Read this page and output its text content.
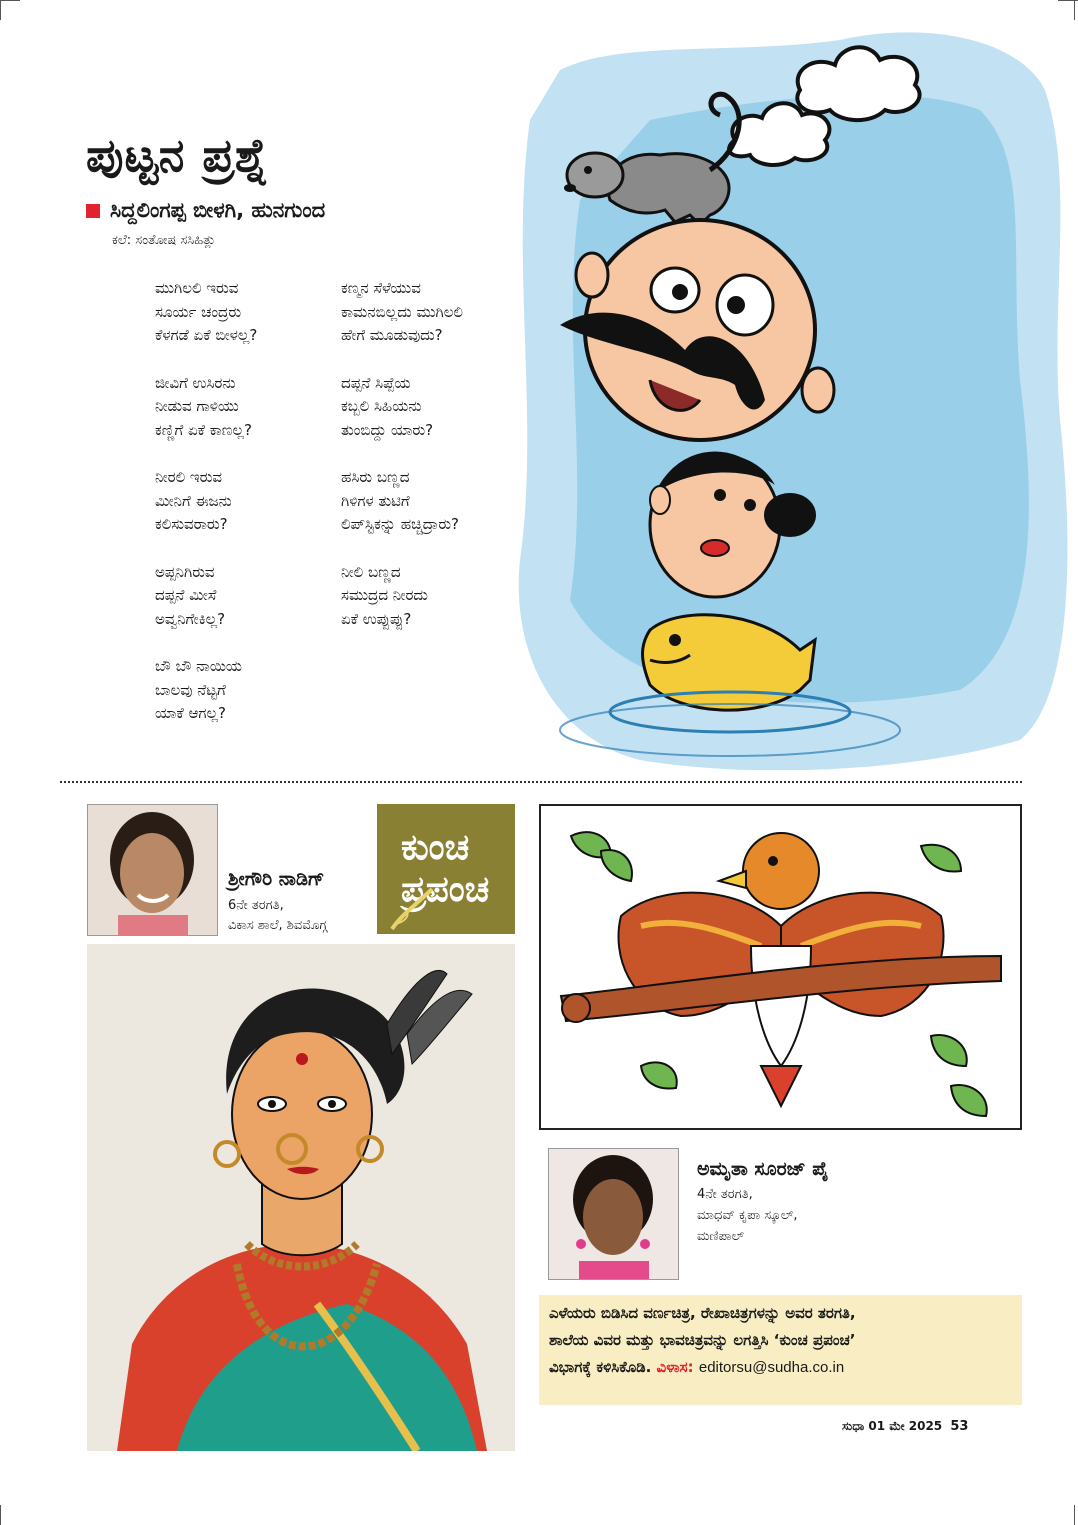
ಪುಟ್ಟನ ಪ್ರಶ್ನೆ
ಸಿದ್ದಲಿಂಗಪ್ಪ ಬೀಳಗಿ, ಹುನಗುಂದ
ಕಲೆ: ಸಂತೋಷ ಸಸಿಹಿತ್ಲು
ಮುಗಿಲಲಿ ಇರುವ
ಸೂರ್ಯ ಚಂದ್ರರು
ಕೆಳಗಡೆ ಏಕೆ ಬೀಳಲ್ಲ?
ಜೀವಿಗೆ ಉಸಿರನು
ನೀಡುವ ಗಾಳಿಯು
ಕಣ್ಣಿಗೆ ಏಕೆ ಕಾಣಲ್ಲ?
ನೀರಲಿ ಇರುವ
ಮೀನಿಗೆ ಈಜನು
ಕಲಿಸುವರಾರು?
ಅಪ್ಪನಿಗಿರುವ
ದಪ್ಪನೆ ಮೀಸೆ
ಅವ್ವನಿಗೇಕಿಲ್ಲ?
ಬೌ ಬೌ ನಾಯಿಯ
ಬಾಲವು ನೆಟ್ಟಗೆ
ಯಾಕೆ ಆಗಲ್ಲ?
ಕಣ್ಮನ ಸೆಳೆಯುವ
ಕಾಮನಬಿಲ್ಲದು ಮುಗಿಲಲಿ
ಹೇಗೆ ಮೂಡುವುದು?
ದಪ್ಪನೆ ಸಿಪ್ಪೆಯ
ಕಬ್ಬಲಿ ಸಿಹಿಯನು
ತುಂಬಿದ್ದು ಯಾರು?
ಹಸಿರು ಬಣ್ಣದ
ಗಿಳಿಗಳ ತುಟಿಗೆ
ಲಿಪ್‌ಸ್ಟಿಕನ್ನು ಹಚ್ಚಿದ್ರಾರು?
ನೀಲಿ ಬಣ್ಣದ
ಸಮುದ್ರದ ನೀರದು
ಏಕೆ ಉಪ್ಪುಪ್ಪು?
ಶ್ರೀಗೌರಿ ನಾಡಿಗ್
6ನೇ ತರಗತಿ,
ವಿಕಾಸ ಶಾಲೆ, ಶಿವಮೊಗ್ಗ
ಕುಂಚ
ಪ್ರಪಂಚ
ಅಮೃತಾ ಸೂರಜ್ ಪೈ
4ನೇ ತರಗತಿ,
ಮಾಧವ್ ಕೃಪಾ ಸ್ಕೂಲ್,
ಮಣಿಪಾಲ್
ಎಳೆಯರು ಬಿಡಿಸಿದ ವರ್ಣಚಿತ್ರ, ರೇಖಾಚಿತ್ರಗಳನ್ನು ಅವರ ತರಗತಿ,
ಶಾಲೆಯ ವಿವರ ಮತ್ತು ಭಾವಚಿತ್ರವನ್ನು ಲಗತ್ತಿಸಿ ‘ಕುಂಚ ಪ್ರಪಂಚ’
ವಿಭಾಗಕ್ಕೆ ಕಳಿಸಿಕೊಡಿ. ವಿಳಾಸ: editorsu@sudha.co.in
ಸುಧಾ 01 ಮೇ 2025 53
